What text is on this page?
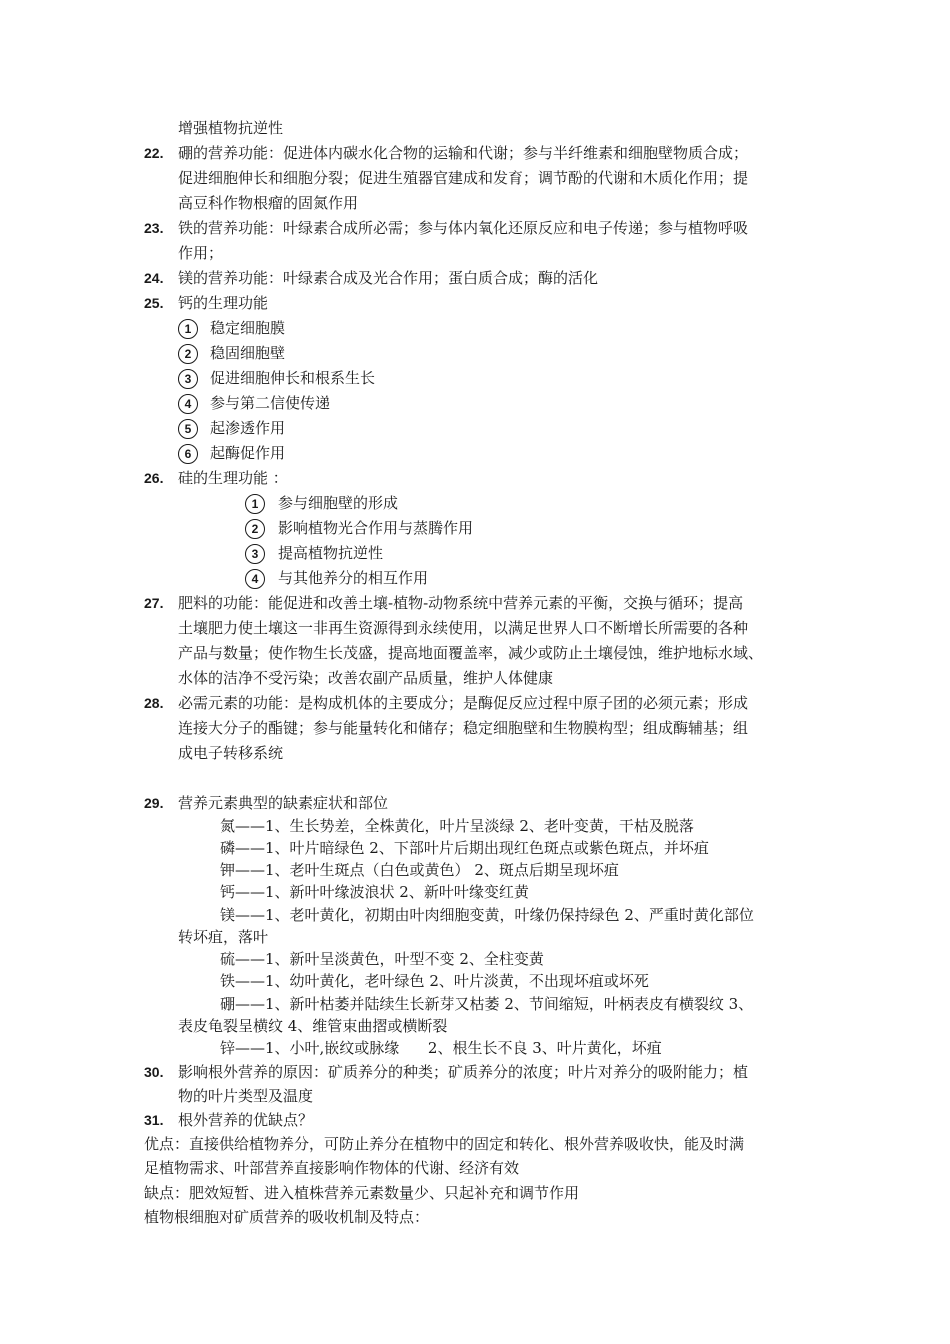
增强植物抗逆性
22. 硼的营养功能：促进体内碳水化合物的运输和代谢；参与半纤维素和细胞壁物质合成；
促进细胞伸长和细胞分裂；促进生殖器官建成和发育；调节酚的代谢和木质化作用；提
高豆科作物根瘤的固氮作用
23. 铁的营养功能：叶绿素合成所必需；参与体内氧化还原反应和电子传递；参与植物呼吸
作用；
24. 镁的营养功能：叶绿素合成及光合作用；蛋白质合成；酶的活化
25. 钙的生理功能
1	稳定细胞膜
2	稳固细胞壁
3	促进细胞伸长和根系生长
4	参与第二信使传递
5	起渗透作用
6	起酶促作用
26. 硅的生理功能 ：
1	参与细胞壁的形成
2	影响植物光合作用与蒸腾作用
3	提高植物抗逆性
4	与其他养分的相互作用
27. 肥料的功能：能促进和改善土壤-植物-动物系统中营养元素的平衡，交换与循环；提高
土壤肥力使土壤这一非再生资源得到永续使用，以满足世界人口不断增长所需要的各种
产品与数量；使作物生长茂盛，提高地面覆盖率，减少或防止土壤侵蚀，维护地标水域、
水体的洁净不受污染；改善农副产品质量，维护人体健康
28. 必需元素的功能：是构成机体的主要成分；是酶促反应过程中原子团的必须元素；形成
连接大分子的酯键；参与能量转化和储存；稳定细胞壁和生物膜构型；组成酶辅基；组
成电子转移系统
29. 营养元素典型的缺素症状和部位
氮——1、生长势差，全株黄化，叶片呈淡绿 2、老叶变黄，干枯及脱落
磷——1、叶片暗绿色 2、下部叶片后期出现红色斑点或紫色斑点，并坏疽
钾——1、老叶生斑点（白色或黄色） 2、斑点后期呈现坏疽
钙——1、新叶叶缘波浪状 2、新叶叶缘变红黄
镁——1、老叶黄化，初期由叶肉细胞变黄，叶缘仍保持绿色 2、严重时黄化部位
转坏疽，落叶
硫——1、新叶呈淡黄色，叶型不变 2、全柱变黄
铁——1、幼叶黄化，老叶绿色 2、叶片淡黄，不出现坏疽或坏死
硼——1、新叶枯萎并陆续生长新芽又枯萎 2、节间缩短，叶柄表皮有横裂纹 3、
表皮龟裂呈横纹 4、维管束曲摺或横断裂
锌——1、小叶,嵌纹或脉缘      2、根生长不良 3、叶片黄化，坏疽
30. 影响根外营养的原因：矿质养分的种类；矿质养分的浓度；叶片对养分的吸附能力；植
物的叶片类型及温度
31. 根外营养的优缺点？
优点：直接供给植物养分，可防止养分在植物中的固定和转化、根外营养吸收快，能及时满
足植物需求、叶部营养直接影响作物体的代谢、经济有效
缺点：肥效短暂、进入植株营养元素数量少、只起补充和调节作用
植物根细胞对矿质营养的吸收机制及特点：
